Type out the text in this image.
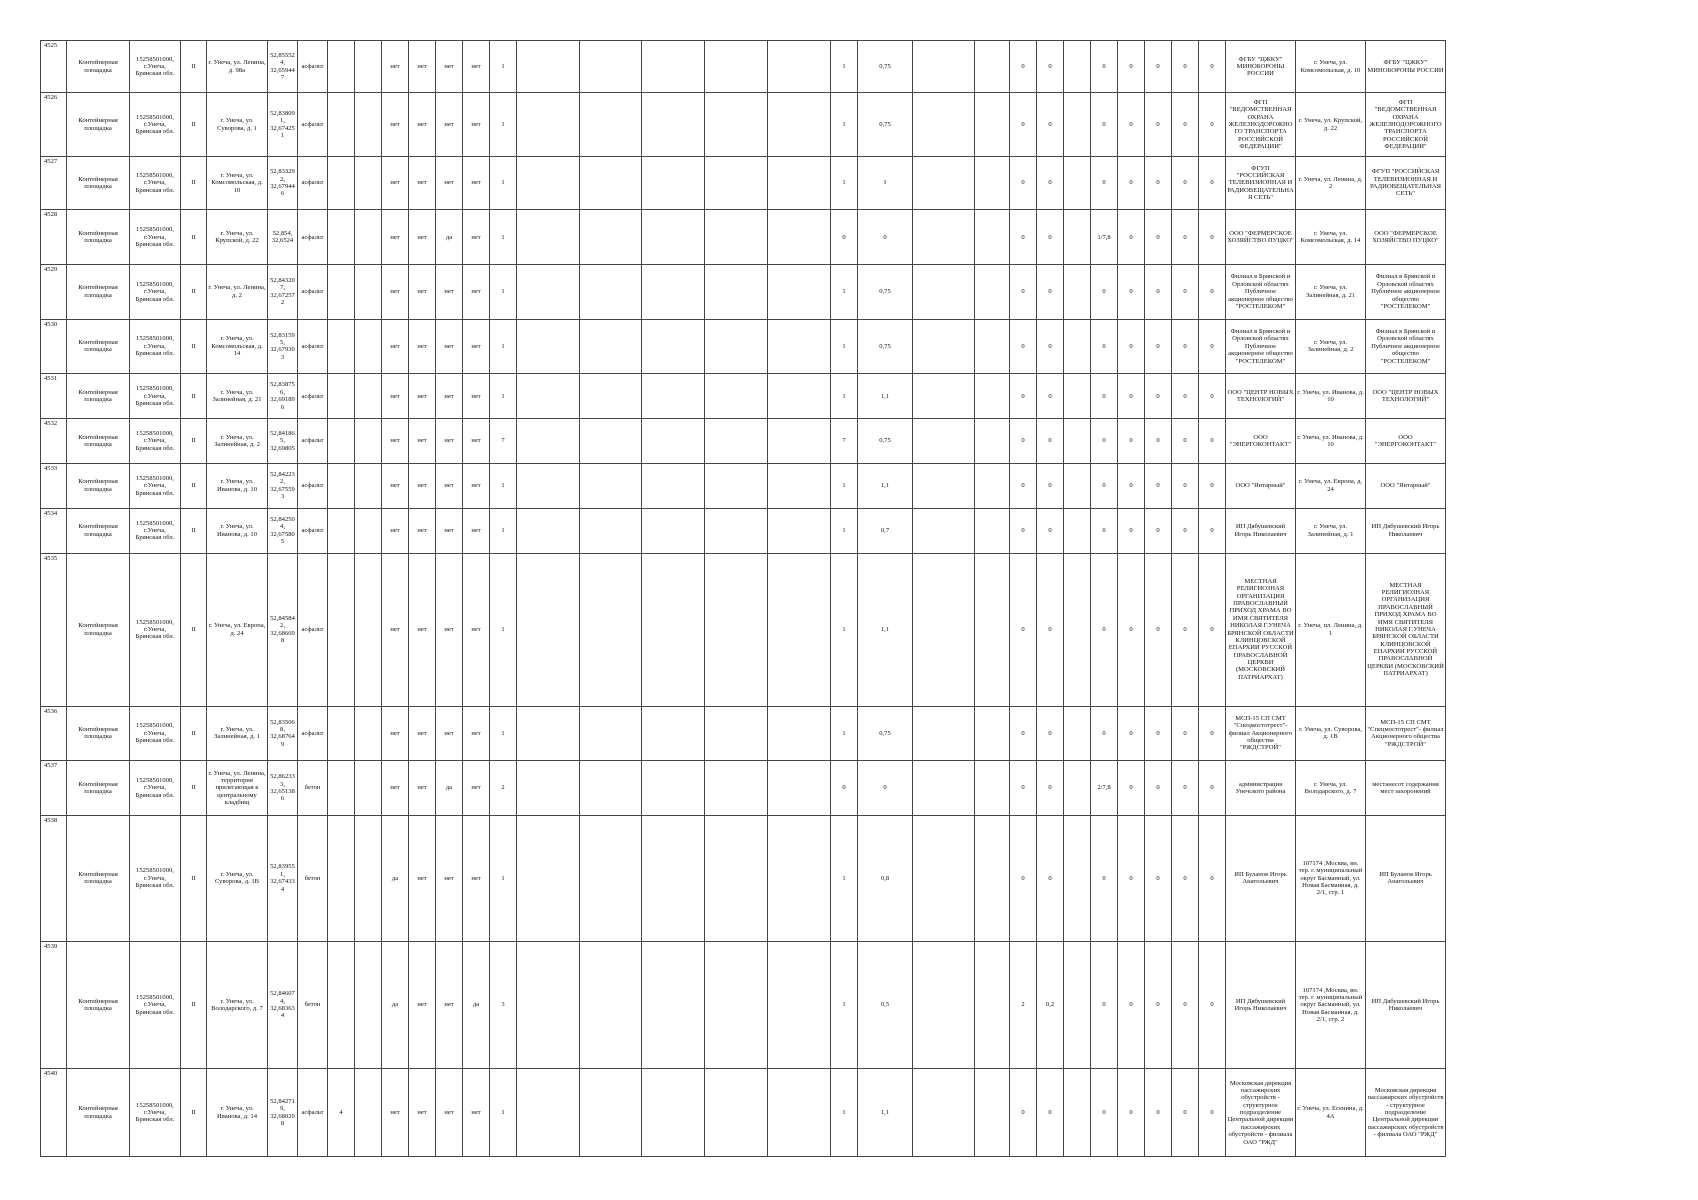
4525	Контейнерная площадка	15258501000, г.Унеча, Брянская обл.	II	г. Унеча, ул. Ленина, д. 98а	52,85552 4, 32,65944 7	асфальт			нет	нет	нет	нет	1						1	0,75			0	0		0	0	0	0	0	ФГБУ "ЦЖКУ" МИНОБОРОНЫ РОССИИ	г. Унеча, ул. Комсомольская, д. 10	ФГБУ "ЦЖКУ" МИНОБОРОНЫ РОССИИ
4526	Контейнерная площадка	15258501000, г.Унеча, Брянская обл.	II	г. Унеча, ул. Суворова, д. 1	52,83809 1, 32,67425 1	асфальт			нет	нет	нет	нет	1						1	0,75			0	0		0	0	0	0	0	ФГП "ВЕДОМСТВЕННАЯ ОХРАНА ЖЕЛЕЗНОДОРОЖНО ГО ТРАНСПОРТА РОССИЙСКОЙ ФЕДЕРАЦИИ"	г. Унеча, ул. Крупской, д. 22	ФГП "ВЕДОМСТВЕННАЯ ОХРАНА ЖЕЛЕЗНОДОРОЖНОГО ТРАНСПОРТА РОССИЙСКОЙ ФЕДЕРАЦИИ"
4527	Контейнерная площадка	15258501000, г.Унеча, Брянская обл.	II	г. Унеча, ул. Комсомольская, д. 10	52,83329 2, 32,67944 6	асфальт			нет	нет	нет	нет	1						1	1			0	0		0	0	0	0	0	ФГУП "РОССИЙСКАЯ ТЕЛЕВИЗИОННАЯ И РАДИОВЕЩАТЕЛЬНА Я СЕТЬ"	г. Унеча, ул. Ленина, д. 2	ФГУП "РОССИЙСКАЯ ТЕЛЕВИЗИОННАЯ И РАДИОВЕЩАТЕЛЬНАЯ СЕТЬ"
4528	Контейнерная площадка	15258501000, г.Унеча, Брянская обл.	II	г. Унеча, ул. Крупской, д. 22	52,854, 32,6524	асфальт			нет	нет	да	нет	1						0	0			0	0		1/7,8	0	0	0	0	ООО "ФЕРМЕРСКОЕ ХОЗЯЙСТВО ПУЦКО"	г. Унеча, ул. Комсомольская, д. 14	ООО "ФЕРМЕРСКОЕ ХОЗЯЙСТВО ПУЦКО"
4529	Контейнерная площадка	15258501000, г.Унеча, Брянская обл.	II	г. Унеча, ул. Ленина, д. 2	52,84320 7, 32,67257 2	асфальт			нет	нет	нет	нет	1						1	0,75			0	0		0	0	0	0	0	Филиал в Брянской и Орловской областях Публичное акционерное общество "РОСТЕЛЕКОМ"	г. Унеча, ул. Залинейная, д. 21	Филиал в Брянской и Орловской областях Публичное акционерное общество "РОСТЕЛЕКОМ"
4530	Контейнерная площадка	15258501000, г.Унеча, Брянская обл.	II	г. Унеча, ул. Комсомольская, д. 14	52,83159 5, 32,67930 3	асфальт			нет	нет	нет	нет	1						1	0,75			0	0		0	0	0	0	0	Филиал в Брянской и Орловской областях Публичное акционерное общество "РОСТЕЛЕКОМ"	г. Унеча, ул. Залинейная, д. 2	Филиал в Брянской и Орловской областях Публичное акционерное общество "РОСТЕЛЕКОМ"
4531	Контейнерная площадка	15258501000, г.Унеча, Брянская обл.	II	г. Унеча, ул. Залинейная, д. 21	52,83875 6, 32,69189 6	асфальт			нет	нет	нет	нет	1						1	1,1			0	0		0	0	0	0	0	ООО "ЦЕНТР НОВЫХ ТЕХНОЛОГИЙ"	г. Унеча, ул. Иванова, д. 10	ООО "ЦЕНТР НОВЫХ ТЕХНОЛОГИЙ"
4532	Контейнерная площадка	15258501000, г.Унеча, Брянская обл.	II	г. Унеча, ул. Залинейная, д. 2	52,84186 5, 32,69805	асфальт			нет	нет	нет	нет	7						7	0,75			0	0		0	0	0	0	0	ООО "ЭНЕРГОКОНТАКТ"	г. Унеча, ул. Иванова, д. 10	ООО "ЭНЕРГОКОНТАКТ"
4533	Контейнерная площадка	15258501000, г.Унеча, Брянская обл.	II	г. Унеча, ул. Иванова, д. 10	52,84223 2, 32,67559 3	асфальт			нет	нет	нет	нет	1						1	1,1			0	0		0	0	0	0	0	ООО "Янтарный"	г. Унеча, ул. Европа, д. 24	ООО "Янтарный"
4534	Контейнерная площадка	15258501000, г.Унеча, Брянская обл.	II	г. Унеча, ул. Иванова, д. 10	52,84250 4, 32,67580 5	асфальт			нет	нет	нет	нет	1						1	0,7			0	0		0	0	0	0	0	ИП Дябушевский Игорь Николаевич	г. Унеча, ул. Залинейная, д. 1	ИП Дябушевский Игорь Николаевич
4535	Контейнерная площадка	15258501000, г.Унеча, Брянская обл.	II	г. Унеча, ул. Европа, д. 24	52,84584 2, 32,68669 8	асфальт			нет	нет	нет	нет	1						1	1,1			0	0		0	0	0	0	0	МЕСТНАЯ РЕЛИГИОЗНАЯ ОРГАНИЗАЦИЯ ПРАВОСЛАВНЫЙ ПРИХОД ХРАМА ВО ИМЯ СВЯТИТЕЛЯ НИКОЛАЯ Г.УНЕЧА БРЯНСКОЙ ОБЛАСТИ КЛИНЦОВСКОЙ ЕПАРХИИ РУССКОЙ ПРАВОСЛАВНОЙ ЦЕРКВИ (МОСКОВСКИЙ ПАТРИАРХАТ)	г. Унеча, пл. Ленина, д. 1	МЕСТНАЯ РЕЛИГИОЗНАЯ ОРГАНИЗАЦИЯ ПРАВОСЛАВНЫЙ ПРИХОД ХРАМА ВО ИМЯ СВЯТИТЕЛЯ НИКОЛАЯ Г.УНЕЧА БРЯНСКОЙ ОБЛАСТИ КЛИНЦОВСКОЙ ЕПАРХИИ РУССКОЙ ПРАВОСЛАВНОЙ ЦЕРКВИ (МОСКОВСКИЙ ПАТРИАРХАТ)
4536	Контейнерная площадка	15258501000, г.Унеча, Брянская обл.	II	г. Унеча, ул. Залинейная, д. 1	52,83506 8, 32,68764 9	асфальт			нет	нет	нет	нет	1						1	0,75			0	0		0	0	0	0	0	МСП-15 СП СМТ "Спецмостотрест"- филиал Акционерного общества "РЖДСТРОЙ"	г. Унеча, ул. Суворова, д. 1В	МСП-15 СП СМТ "Спецмостотрест"- филиал Акционерного общества "РЖДСТРОЙ"
4537	Контейнерная площадка	15258501000, г.Унеча, Брянская обл.	II	г. Унеча, ул. Ленина, территория прилегающая к центральному кладбищ	52,86233 3, 32,65138 6	бетон			нет	нет	да	нет	2						0	0			0	0		2/7,8	0	0	0	0	администрация Унечского района	г. Унеча, ул. Володарского, д. 7	местанесот содержания мест захоронений
4538	Контейнерная площадка	15258501000, г.Унеча, Брянская обл.	II	г. Унеча, ул. Суворова, д. 1В	52,83955 1, 32,67433 4	бетон			да	нет	нет	нет	1						1	0,8			0	0		0	0	0	0	0	ИП Буланов Игорь Анатольевич	107174 ,Москва, вн. тер. г. муниципальный округ Басманный, ул. Новая Басманная, д. 2/1, стр. 1	ИП Буланов Игорь Анатольевич
4539	Контейнерная площадка	15258501000, г.Унеча, Брянская обл.	II	г. Унеча, ул. Володарского, д. 7	52,84607 4, 32,68363 4	бетон			да	нет	нет	да	3						1	0,5			2	0,2		0	0	0	0	0	ИП Дябушевский Игорь Николаевич	107174 ,Москва, вн. тер. г. муниципальный округ Басманный, ул. Новая Басманная, д. 2/1, стр. 2	ИП Дябушевский Игорь Николаевич
4540	Контейнерная площадка	15258501000, г.Унеча, Брянская обл.	II	г. Унеча, ул. Иванова, д. 14	52,84271 9, 32,68020 8	асфальт	4		нет	нет	нет	нет	1						1	1,1			0	0		0	0	0	0	0	Московская дирекция пассажирских обустройств - структурное подразделение Центральной дирекции пассажирских обустройств - филиала ОАО "РЖД"	г. Унеча, ул. Есенина, д. 4А	Московская дирекция пассажирских обустройств - структурное подразделение Центральной дирекции пассажирских обустройств - филиала ОАО "РЖД"
